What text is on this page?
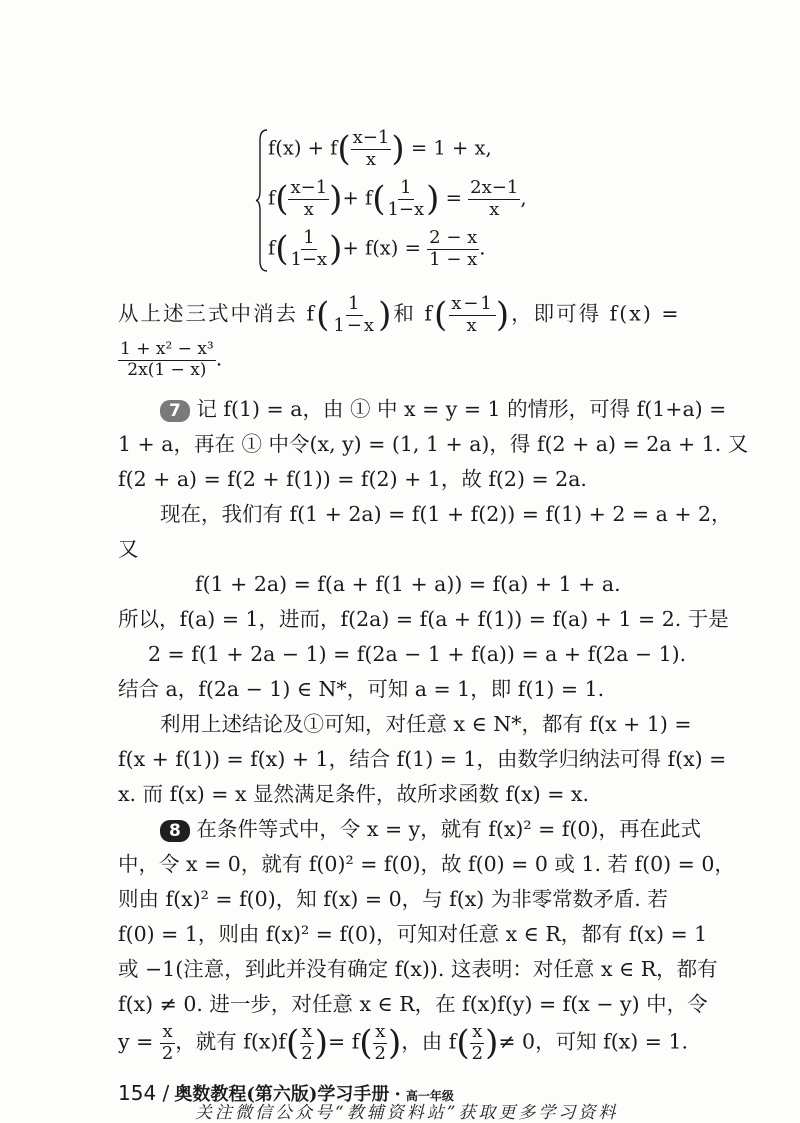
$f(x) + f( \frac{x-1}{x}$ ) = 1 + x,
$f( \frac{x-1}{x}$ )+ $f( \frac{1}{1-x}$ ) = $\frac{2x-1}{x}$ ,
$f( \frac{1}{1-x}$ )+ $f(x) = \frac{2 - x}{1 - x}$ .
从上述三式中消去 $f( \frac{1}{1-x}$ )和 $f( \frac{x-1}{x}$ )，即可得 f(x) =
$\frac{\text{1 + x² − x³}}{2x(1 - x)}$ .
7 记 f(1) = a，由 ① 中 x = y = 1 的情形，可得 f(1+a) =
1 + a，再在 ① 中令(x, y) = (1, 1 + a)，得 f(2 + a) = 2a + 1. 又
f(2 + a) = f(2 + f(1)) = f(2) + 1，故 f(2) = 2a.
现在，我们有 f(1 + 2a) = f(1 + f(2)) = f(1) + 2 = a + 2，
又
f(1 + 2a) = f(a + f(1 + a)) = f(a) + 1 + a.
所以，f(a) = 1，进而，f(2a) = f(a + f(1)) = f(a) + 1 = 2. 于是
2 = f(1 + 2a − 1) = f(2a − 1 + f(a)) = a + f(2a − 1).
结合 a，f(2a − 1) ∈ N*，可知 a = 1，即 f(1) = 1.
利用上述结论及①可知，对任意 x ∈ N*，都有 f(x + 1) =
f(x + f(1)) = f(x) + 1，结合 f(1) = 1，由数学归纳法可得 f(x) =
x. 而 f(x) = x 显然满足条件，故所求函数 f(x) = x.
8 在条件等式中，令 x = y，就有 f(x)² = f(0)，再在此式
中，令 x = 0，就有 f(0)² = f(0)，故 f(0) = 0 或 1. 若 f(0) = 0，
则由 f(x)² = f(0)，知 f(x) = 0，与 f(x) 为非零常数矛盾. 若
f(0) = 1，则由 f(x)² = f(0)，可知对任意 x ∈ R，都有 f(x) = 1
或 −1(注意，到此并没有确定 f(x)). 这表明：对任意 x ∈ R，都有
f(x) ≠ 0. 进一步，对任意 x ∈ R，在 f(x)f(y) = f(x − y) 中，令
$y = \frac{x}{2}$ ，就有 $f(x)f( \frac{x}{2}$ )= $f( \frac{x}{2}$ )，由 $f( \frac{x}{2}$ )≠ 0，可知 f(x) = 1.
154 / 奥数教程(第六版)学习手册 · 高一年级
关注微信公众号“教辅资料站”获取更多学习资料
